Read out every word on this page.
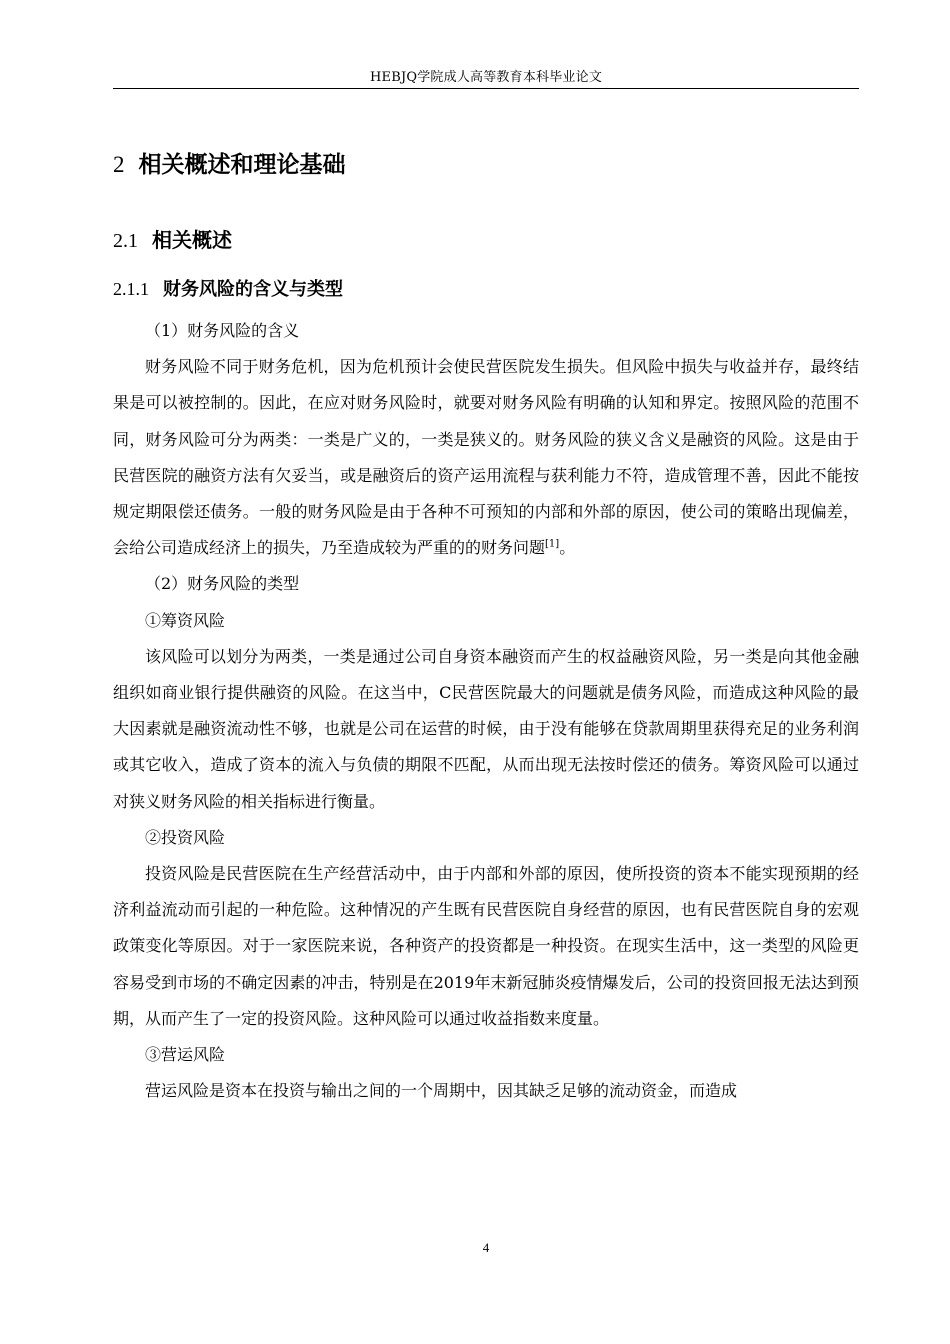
HEBJQ学院成人高等教育本科毕业论文
2 相关概述和理论基础
2.1 相关概述
2.1.1 财务风险的含义与类型

（1）财务风险的含义

财务风险不同于财务危机，因为危机预计会使民营医院发生损失。但风险中损失与收益并存，最终结果是可以被控制的。因此，在应对财务风险时，就要对财务风险有明确的认知和界定。按照风险的范围不同，财务风险可分为两类：一类是广义的，一类是狭义的。财务风险的狭义含义是融资的风险。这是由于民营医院的融资方法有欠妥当，或是融资后的资产运用流程与获利能力不符，造成管理不善，因此不能按规定期限偿还债务。一般的财务风险是由于各种不可预知的内部和外部的原因，使公司的策略出现偏差，会给公司造成经济上的损失，乃至造成较为严重的的财务问题[1]。

（2）财务风险的类型

①筹资风险

该风险可以划分为两类，一类是通过公司自身资本融资而产生的权益融资风险，另一类是向其他金融组织如商业银行提供融资的风险。在这当中，C民营医院最大的问题就是债务风险，而造成这种风险的最大因素就是融资流动性不够，也就是公司在运营的时候，由于没有能够在贷款周期里获得充足的业务利润或其它收入，造成了资本的流入与负债的期限不匹配，从而出现无法按时偿还的债务。筹资风险可以通过对狭义财务风险的相关指标进行衡量。

②投资风险

投资风险是民营医院在生产经营活动中，由于内部和外部的原因，使所投资的资本不能实现预期的经济利益流动而引起的一种危险。这种情况的产生既有民营医院自身经营的原因，也有民营医院自身的宏观政策变化等原因。对于一家医院来说，各种资产的投资都是一种投资。在现实生活中，这一类型的风险更容易受到市场的不确定因素的冲击，特别是在2019年末新冠肺炎疫情爆发后，公司的投资回报无法达到预期，从而产生了一定的投资风险。这种风险可以通过收益指数来度量。

③营运风险

营运风险是资本在投资与输出之间的一个周期中，因其缺乏足够的流动资金，而造成

4
